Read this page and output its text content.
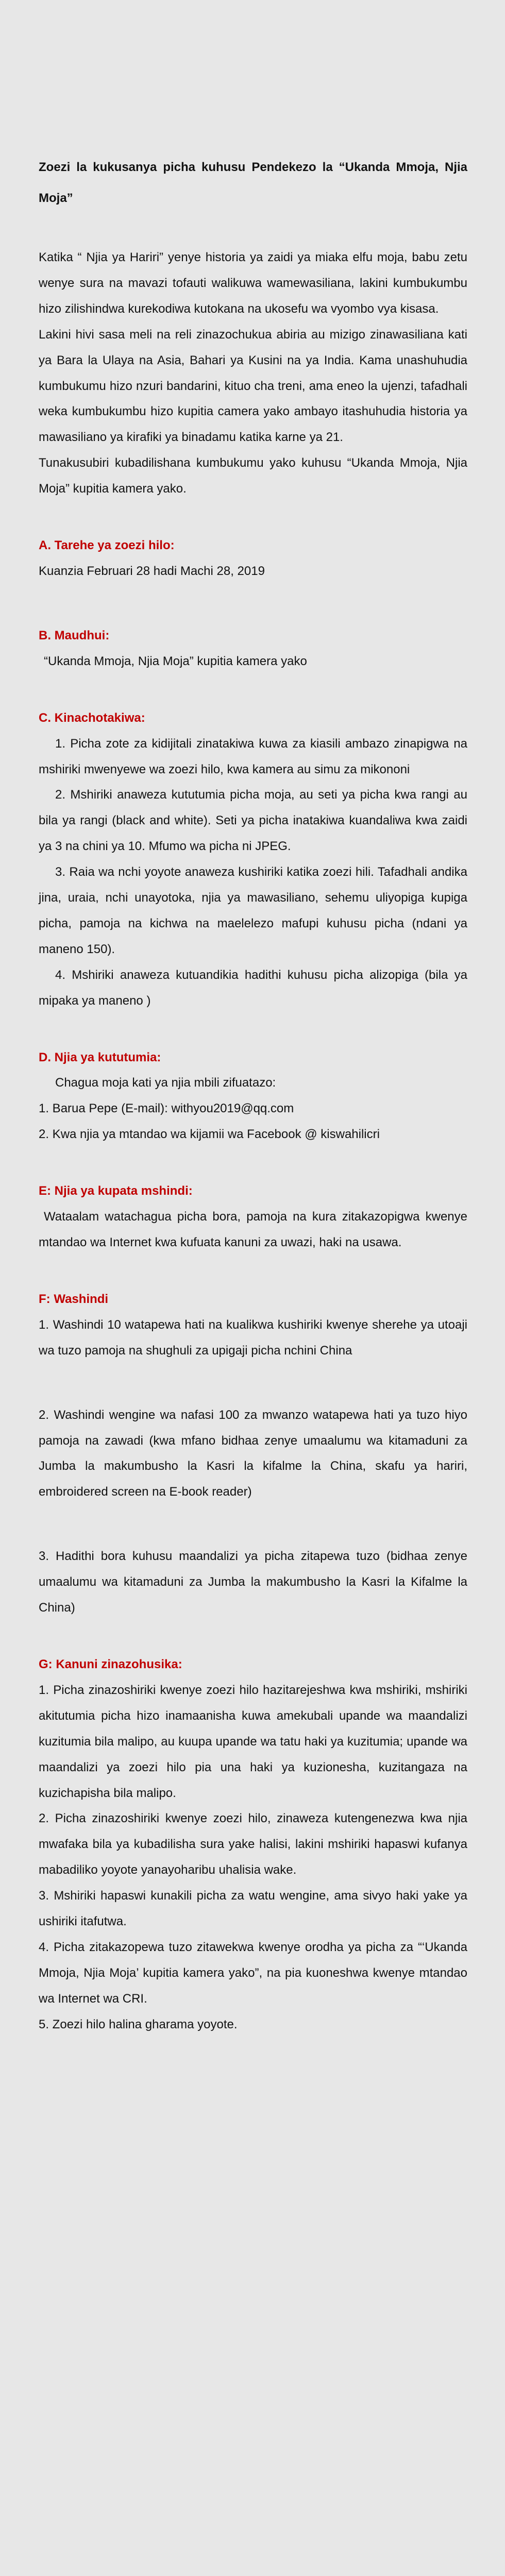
Zoezi la kukusanya picha kuhusu Pendekezo la “Ukanda Mmoja, Njia Moja”

Katika “ Njia ya Hariri” yenye historia ya zaidi ya miaka elfu moja, babu zetu wenye sura na mavazi tofauti walikuwa wamewasiliana, lakini kumbukumbu hizo zilishindwa kurekodiwa kutokana na ukosefu wa vyombo vya kisasa.

Lakini hivi sasa meli na reli zinazochukua abiria au mizigo zinawasiliana kati ya Bara la Ulaya na Asia, Bahari ya Kusini na ya India. Kama unashuhudia kumbukumu hizo nzuri bandarini, kituo cha treni, ama eneo la ujenzi, tafadhali weka kumbukumbu hizo kupitia camera yako ambayo itashuhudia historia ya mawasiliano ya kirafiki ya binadamu katika karne ya 21.

Tunakusubiri kubadilishana kumbukumu yako kuhusu “Ukanda Mmoja, Njia Moja” kupitia kamera yako.

A. Tarehe ya zoezi hilo:

Kuanzia Februari 28 hadi Machi 28, 2019

B. Maudhui:

“Ukanda Mmoja, Njia Moja” kupitia kamera yako

C. Kinachotakiwa:

1. Picha zote za kidijitali zinatakiwa kuwa za kiasili ambazo zinapigwa na mshiriki mwenyewe wa zoezi hilo, kwa kamera au simu za mikononi

2. Mshiriki anaweza kututumia picha moja, au seti ya picha kwa rangi au bila ya rangi (black and white). Seti ya picha inatakiwa kuandaliwa kwa zaidi ya 3 na chini ya 10. Mfumo wa picha ni JPEG.

3. Raia wa nchi yoyote anaweza kushiriki katika zoezi hili. Tafadhali andika jina, uraia, nchi unayotoka, njia ya mawasiliano, sehemu uliyopiga kupiga picha, pamoja na kichwa na maelelezo mafupi kuhusu picha (ndani ya maneno 150).

4. Mshiriki anaweza kutuandikia hadithi kuhusu picha alizopiga (bila ya mipaka ya maneno )

D. Njia ya kututumia:

Chagua moja kati ya njia mbili zifuatazo:

1. Barua Pepe (E-mail): withyou2019@qq.com

2. Kwa njia ya mtandao wa kijamii wa Facebook @ kiswahilicri

E: Njia ya kupata mshindi:

Wataalam watachagua picha bora, pamoja na kura zitakazopigwa kwenye mtandao wa Internet kwa kufuata kanuni za uwazi, haki na usawa.

F: Washindi

1. Washindi 10 watapewa hati na kualikwa kushiriki kwenye sherehe ya utoaji wa tuzo pamoja na shughuli za upigaji picha nchini China

2. Washindi wengine wa nafasi 100 za mwanzo watapewa hati ya tuzo hiyo pamoja na zawadi (kwa mfano bidhaa zenye umaalumu wa kitamaduni za Jumba la makumbusho la Kasri la kifalme la China, skafu ya hariri, embroidered screen na E-book reader)

3. Hadithi bora kuhusu maandalizi ya picha zitapewa tuzo (bidhaa zenye umaalumu wa kitamaduni za Jumba la makumbusho la Kasri la Kifalme la China)

G: Kanuni zinazohusika:

1. Picha zinazoshiriki kwenye zoezi hilo hazitarejeshwa kwa mshiriki, mshiriki akitutumia picha hizo inamaanisha kuwa amekubali upande wa maandalizi kuzitumia bila malipo, au kuupa upande wa tatu haki ya kuzitumia; upande wa maandalizi ya zoezi hilo pia una haki ya kuzionesha, kuzitangaza na kuzichapisha bila malipo.

2. Picha zinazoshiriki kwenye zoezi hilo, zinaweza kutengenezwa kwa njia mwafaka bila ya kubadilisha sura yake halisi, lakini mshiriki hapaswi kufanya mabadiliko yoyote yanayoharibu uhalisia wake.

3. Mshiriki hapaswi kunakili picha za watu wengine, ama sivyo haki yake ya ushiriki itafutwa.

4. Picha zitakazopewa tuzo zitawekwa kwenye orodha ya picha za “‘Ukanda Mmoja, Njia Moja’ kupitia kamera yako”, na pia kuoneshwa kwenye mtandao wa Internet wa CRI.

5. Zoezi hilo halina gharama yoyote.
